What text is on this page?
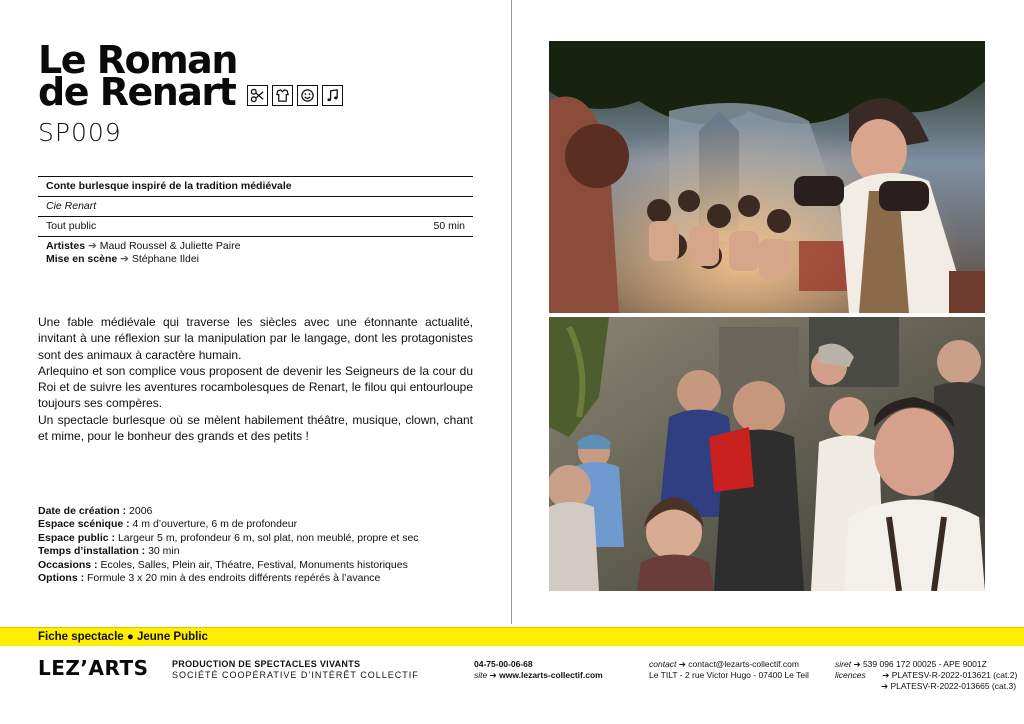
Le Roman
de Renart
SP009
Conte burlesque inspiré de la tradition médiévale
Cie Renart
Tout public	50 min
Artistes ➔ Maud Roussel & Juliette Paire
Mise en scène ➔ Stéphane Ildei

Une fable médiévale qui traverse les siècles avec une étonnante actualité, invitant à une réflexion sur la manipulation par le langage, dont les protagonistes sont des animaux à caractère humain.

Arlequino et son complice vous proposent de devenir les Seigneurs de la cour du Roi et de suivre les aventures rocambolesques de Renart, le filou qui entourloupe toujours ses compères.

Un spectacle burlesque où se mèlent habilement théâtre, musique, clown, chant et mime, pour le bonheur des grands et des petits !

Date de création : 2006
Espace scénique : 4 m d’ouverture, 6 m de profondeur
Espace public : Largeur 5 m, profondeur 6 m, sol plat, non meublé, propre et sec
Temps d’installation : 30 min
Occasions : Ecoles, Salles, Plein air, Théatre, Festival, Monuments historiques
Options : Formule 3 x 20 min à des endroits différents repérés à l’avance
Fiche spectacle ● Jeune Public
LEZ’ARTS	PRODUCTION DE SPECTACLES VIVANTS
SOCIÉTÉ COOPÉRATIVE D’INTÉRÊT COLLECTIF
04-75-00-06-68
site ➔ www.lezarts-collectif.com
contact ➔ contact@lezarts-collectif.com
Le TILT - 2 rue Victor Hugo - 07400 Le Teil
siret ➔ 539 096 172 00025 - APE 9001Z
licences ➔ PLATESV-R-2022-013621 (cat.2)
➔ PLATESV-R-2022-013665 (cat.3)
